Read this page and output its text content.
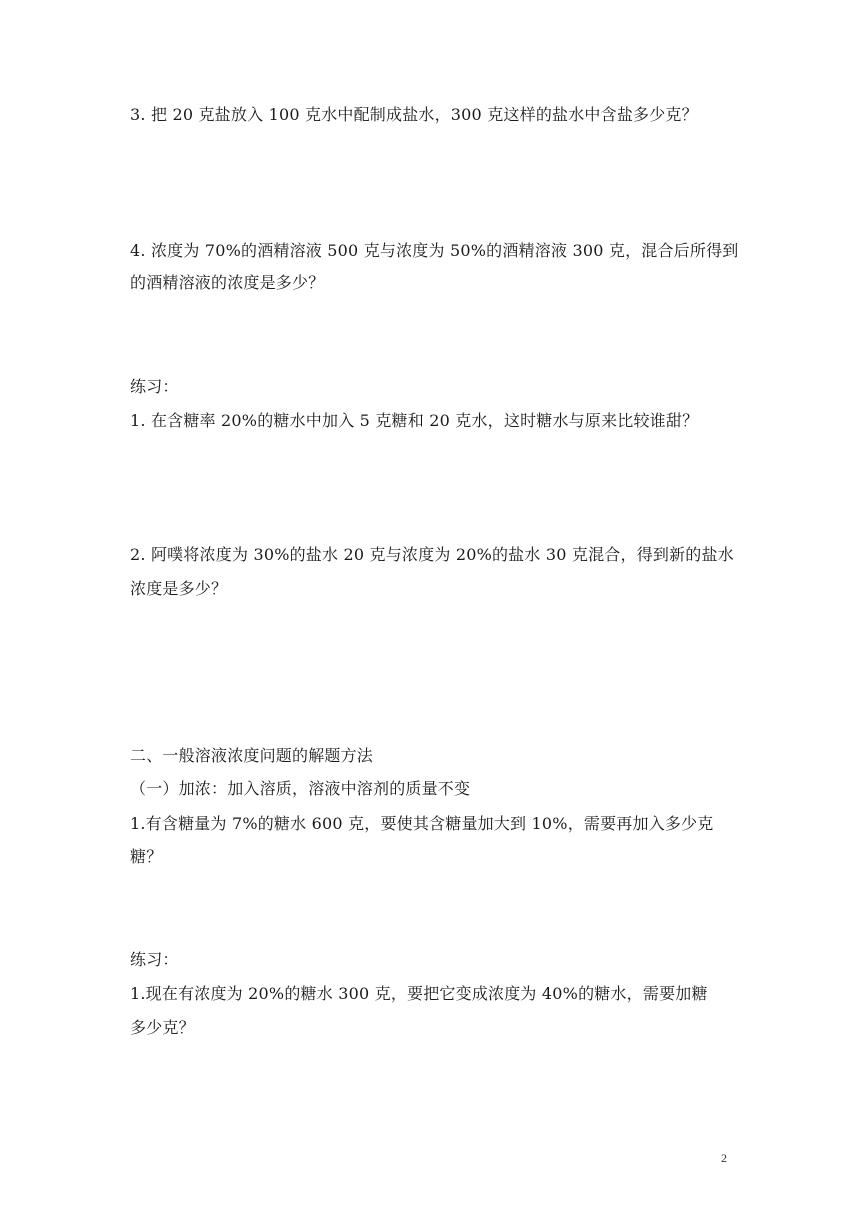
3. 把 20 克盐放入 100 克水中配制成盐水，300 克这样的盐水中含盐多少克？
4. 浓度为 70%的酒精溶液 500 克与浓度为 50%的酒精溶液 300 克，混合后所得到
的酒精溶液的浓度是多少？
练习：
1. 在含糖率 20%的糖水中加入 5 克糖和 20 克水，这时糖水与原来比较谁甜？
2. 阿噗将浓度为 30%的盐水 20 克与浓度为 20%的盐水 30 克混合，得到新的盐水
浓度是多少？
二、一般溶液浓度问题的解题方法
（一）加浓：加入溶质，溶液中溶剂的质量不变
1.有含糖量为 7%的糖水 600 克，要使其含糖量加大到 10%，需要再加入多少克
糖？
练习：
1.现在有浓度为 20%的糖水 300 克，要把它变成浓度为 40%的糖水，需要加糖
多少克？
2
